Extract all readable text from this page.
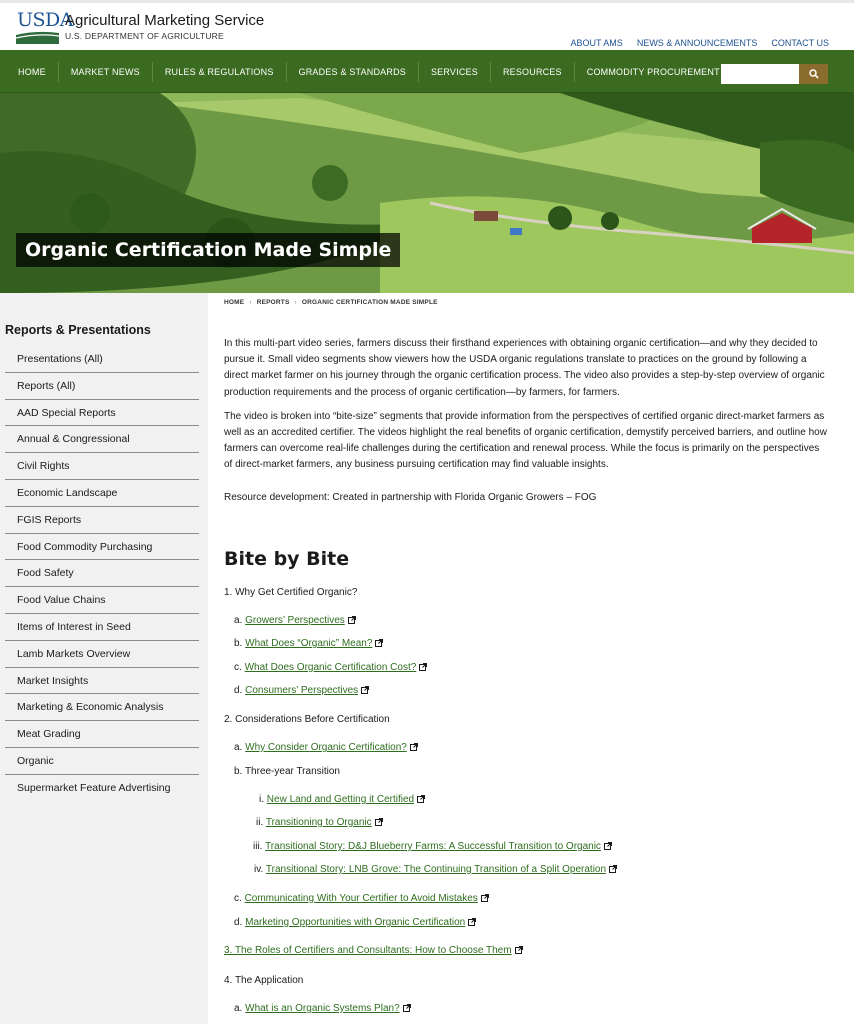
USDA
Agricultural Marketing Service
U.S. DEPARTMENT OF AGRICULTURE
ABOUT AMS NEWS & ANNOUNCEMENTS CONTACT US
HOME	MARKET NEWS	RULES & REGULATIONS	GRADES & STANDARDS	SERVICES	RESOURCES	COMMODITY PROCUREMENT
Organic Certification Made Simple
Reports & Presentations
Presentations (All)
Reports (All)
AAD Special Reports
Annual & Congressional
Civil Rights
Economic Landscape
FGIS Reports
Food Commodity Purchasing
Food Safety
Food Value Chains
Items of Interest in Seed
Lamb Markets Overview
Market Insights
Marketing & Economic Analysis
Meat Grading
Organic
Supermarket Feature Advertising
HOME › REPORTS › ORGANIC CERTIFICATION MADE SIMPLE

In this multi-part video series, farmers discuss their firsthand experiences with obtaining organic certification—and why they decided to pursue it. Small video segments show viewers how the USDA organic regulations translate to practices on the ground by following a direct market farmer on his journey through the organic certification process. The video also provides a step-by-step overview of organic production requirements and the process of organic certification—by farmers, for farmers.

The video is broken into “bite-size” segments that provide information from the perspectives of certified organic direct-market farmers as well as an accredited certifier. The videos highlight the real benefits of organic certification, demystify perceived barriers, and outline how farmers can overcome real-life challenges during the certification and renewal process. While the focus is primarily on the perspectives of direct-market farmers, any business pursuing certification may find valuable insights.

Resource development: Created in partnership with Florida Organic Growers – FOG

Bite by Bite
1. Why Get Certified Organic?
a. Growers’ Perspectives
b. What Does “Organic” Mean?
c. What Does Organic Certification Cost?
d. Consumers’ Perspectives
2. Considerations Before Certification
a. Why Consider Organic Certification?
b. Three-year Transition
i. New Land and Getting it Certified
ii. Transitioning to Organic
iii. Transitional Story: D&J Blueberry Farms: A Successful Transition to Organic
iv. Transitional Story: LNB Grove: The Continuing Transition of a Split Operation
c. Communicating With Your Certifier to Avoid Mistakes
d. Marketing Opportunities with Organic Certification
3. The Roles of Certifiers and Consultants: How to Choose Them
4. The Application
a. What is an Organic Systems Plan?
